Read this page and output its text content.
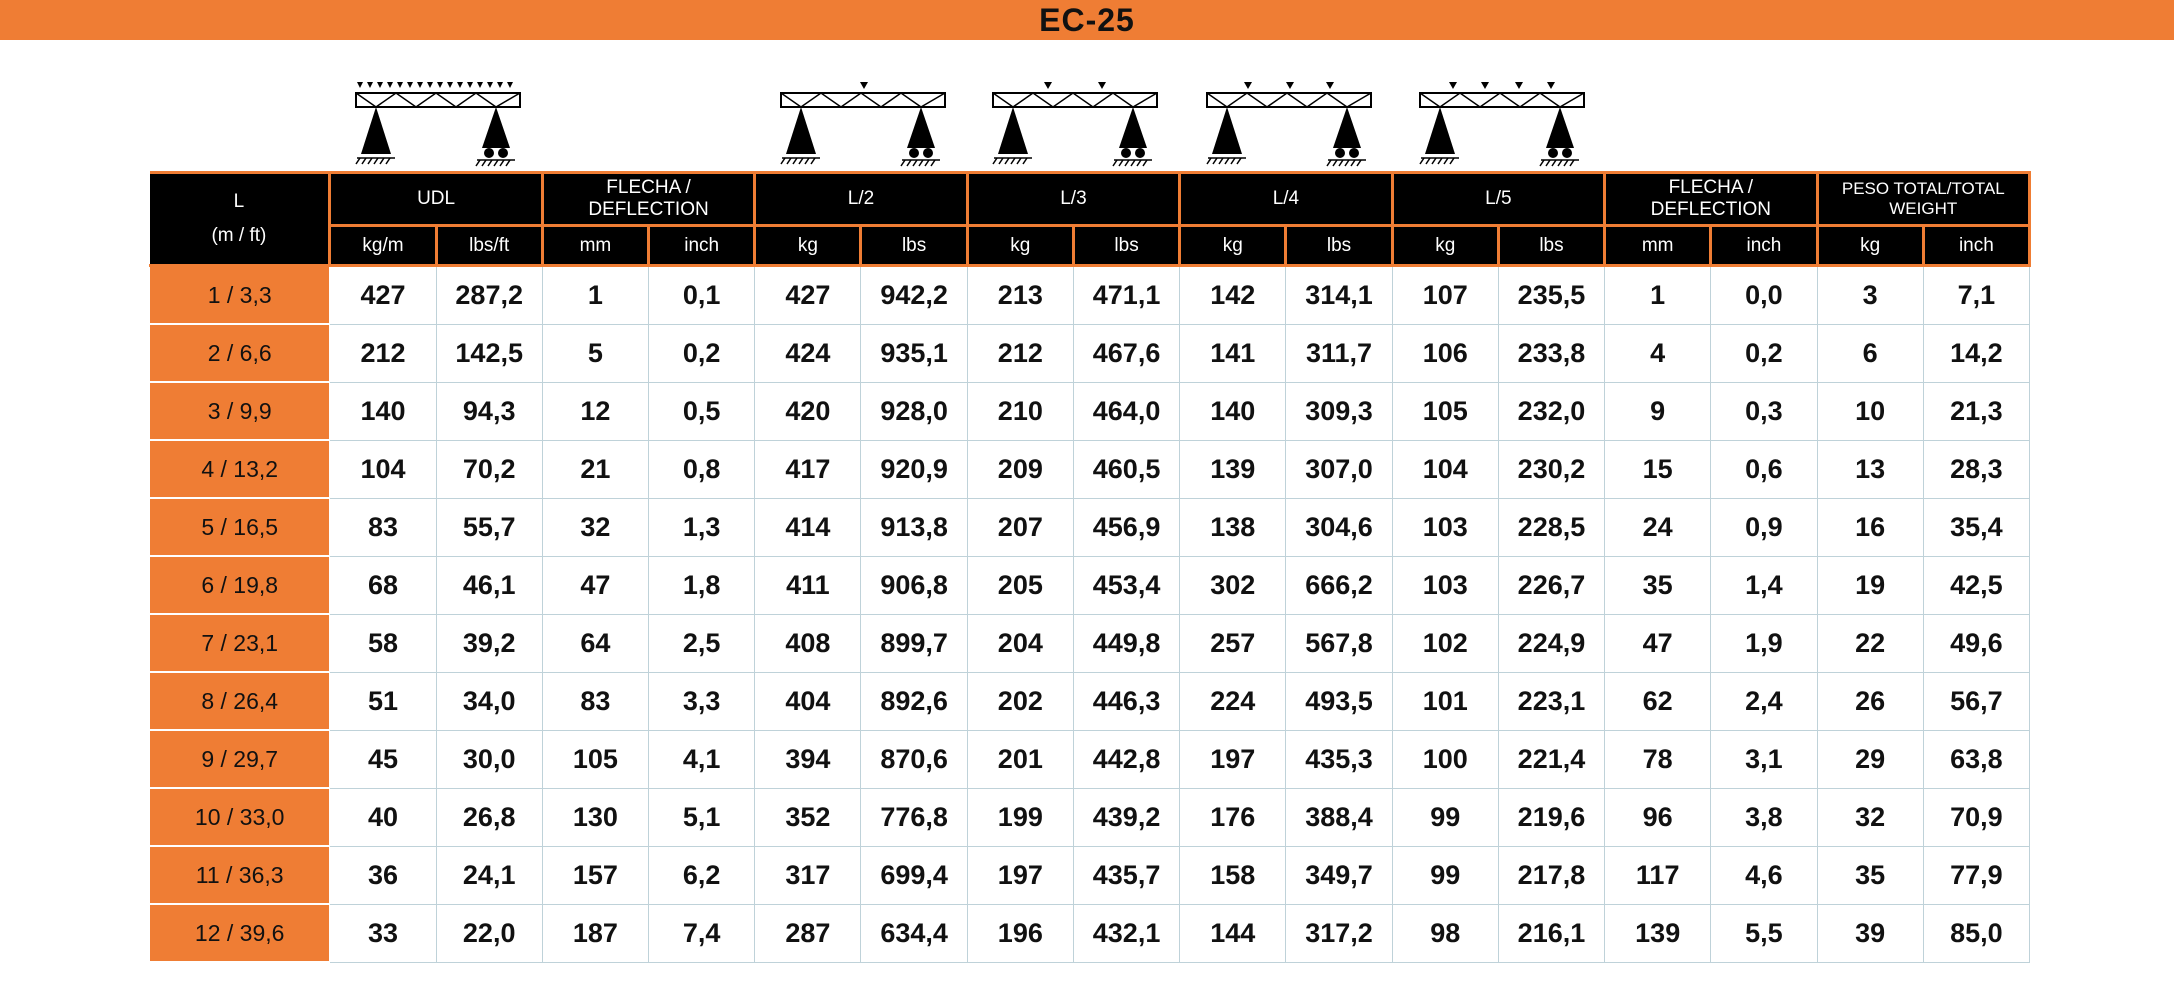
EC-25
L
(m / ft)	UDL		FLECHA / DEFLECTION		L/2		L/3		L/4		L/5		FLECHA / DEFLECTION		PESO TOTAL/TOTAL WEIGHT	
	kg/m	lbs/ft	mm	inch	kg	lbs	kg	lbs	kg	lbs	kg	lbs	mm	inch	kg	inch
1 / 3,3	427	287,2	1	0,1	427	942,2	213	471,1	142	314,1	107	235,5	1	0,0	3	7,1
2 / 6,6	212	142,5	5	0,2	424	935,1	212	467,6	141	311,7	106	233,8	4	0,2	6	14,2
3 / 9,9	140	94,3	12	0,5	420	928,0	210	464,0	140	309,3	105	232,0	9	0,3	10	21,3
4 / 13,2	104	70,2	21	0,8	417	920,9	209	460,5	139	307,0	104	230,2	15	0,6	13	28,3
5 / 16,5	83	55,7	32	1,3	414	913,8	207	456,9	138	304,6	103	228,5	24	0,9	16	35,4
6 / 19,8	68	46,1	47	1,8	411	906,8	205	453,4	302	666,2	103	226,7	35	1,4	19	42,5
7 / 23,1	58	39,2	64	2,5	408	899,7	204	449,8	257	567,8	102	224,9	47	1,9	22	49,6
8 / 26,4	51	34,0	83	3,3	404	892,6	202	446,3	224	493,5	101	223,1	62	2,4	26	56,7
9 / 29,7	45	30,0	105	4,1	394	870,6	201	442,8	197	435,3	100	221,4	78	3,1	29	63,8
10 / 33,0	40	26,8	130	5,1	352	776,8	199	439,2	176	388,4	99	219,6	96	3,8	32	70,9
11 / 36,3	36	24,1	157	6,2	317	699,4	197	435,7	158	349,7	99	217,8	117	4,6	35	77,9
12 / 39,6	33	22,0	187	7,4	287	634,4	196	432,1	144	317,2	98	216,1	139	5,5	39	85,0
